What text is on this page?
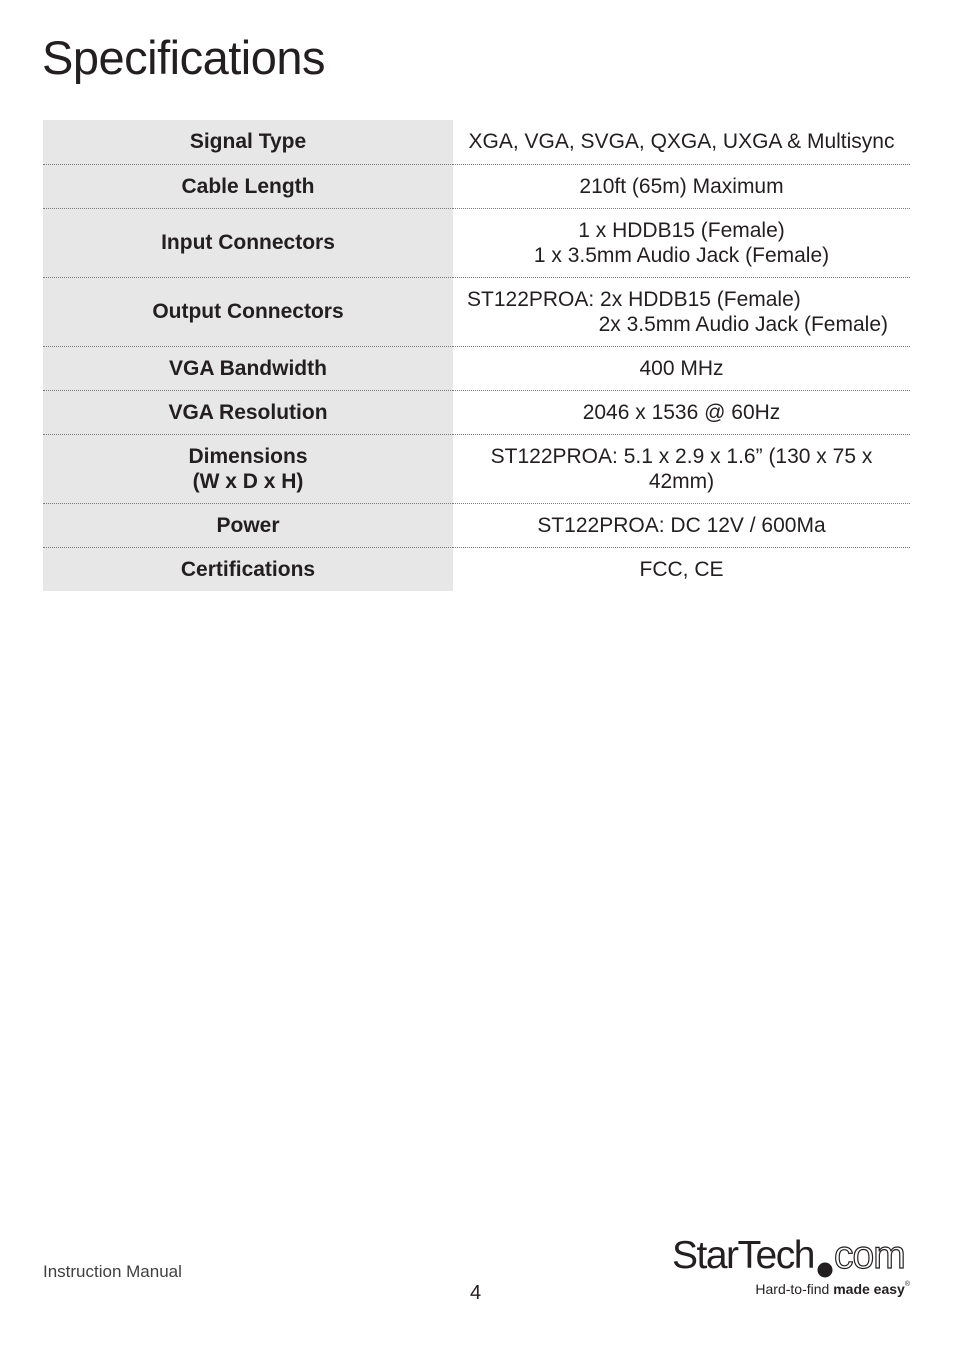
Specifications
Signal Type	XGA, VGA, SVGA, QXGA, UXGA & Multisync

Cable Length	210ft (65m) Maximum

Input Connectors	1 x HDDB15 (Female)
1 x 3.5mm Audio Jack (Female)

Output Connectors	ST122PROA: 2x HDDB15 (Female)
2x 3.5mm Audio Jack (Female)

VGA Bandwidth	400 MHz

VGA Resolution	2046 x 1536 @ 60Hz

Dimensions
(W x D x H)	ST122PROA: 5.1 x 2.9 x 1.6” (130 x 75 x 42mm)

Power	ST122PROA: DC 12V / 600Ma

Certifications	FCC, CE
Instruction Manual
4
StarTech com
Hard-to-find made easy®
